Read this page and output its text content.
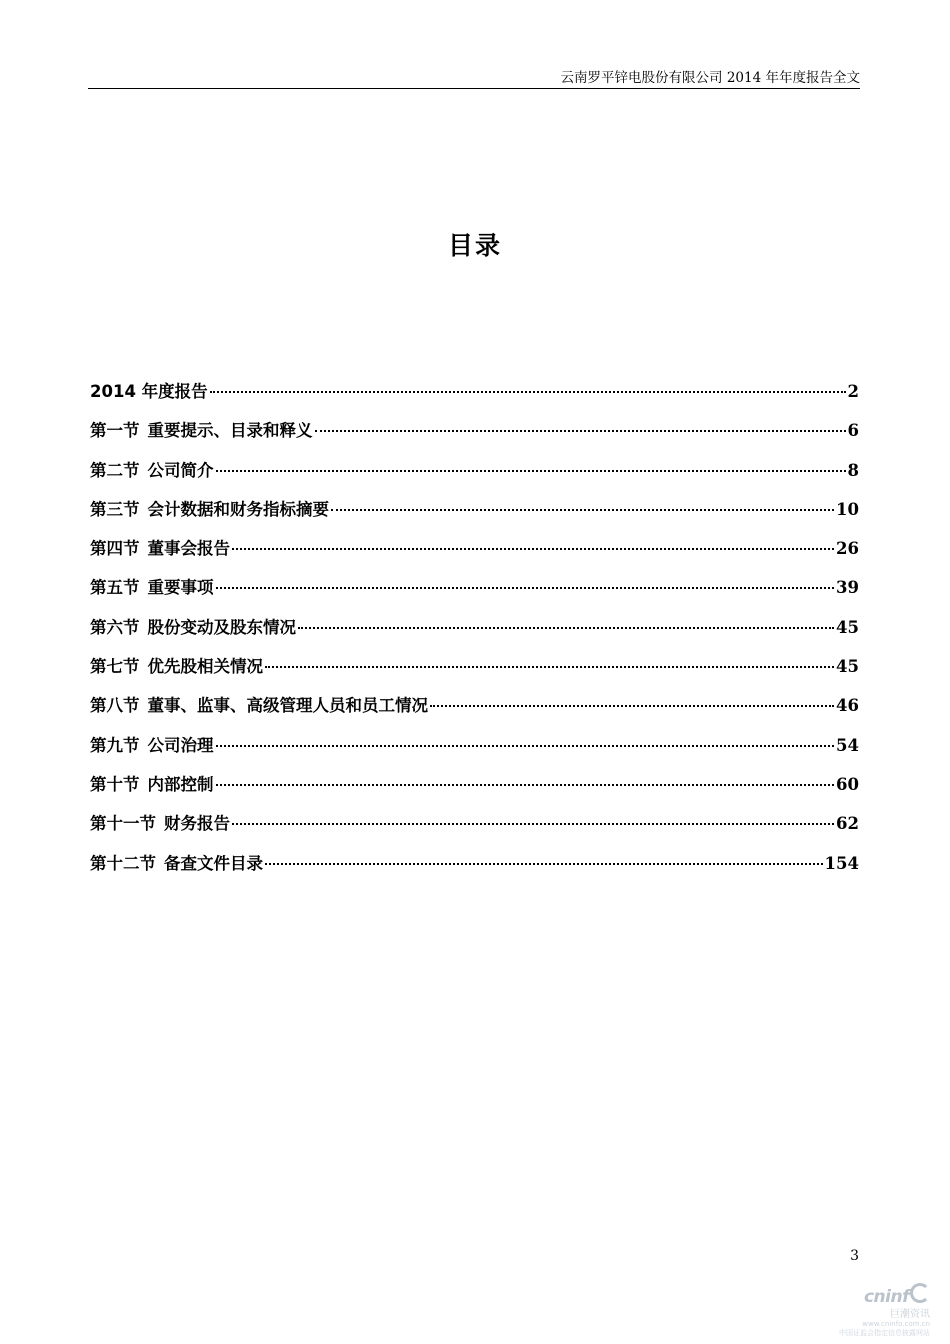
云南罗平锌电股份有限公司 2014 年年度报告全文
目录
2014 年度报告	2
第一节 重要提示、目录和释义	6
第二节 公司简介	8
第三节 会计数据和财务指标摘要	10
第四节 董事会报告	26
第五节 重要事项	39
第六节 股份变动及股东情况	45
第七节 优先股相关情况	45
第八节 董事、监事、高级管理人员和员工情况	46
第九节 公司治理	54
第十节 内部控制	60
第十一节 财务报告	62
第十二节 备查文件目录	154
3
cninf
巨潮资讯
www.cninfo.com.cn
中国证监会指定信息披露网站
